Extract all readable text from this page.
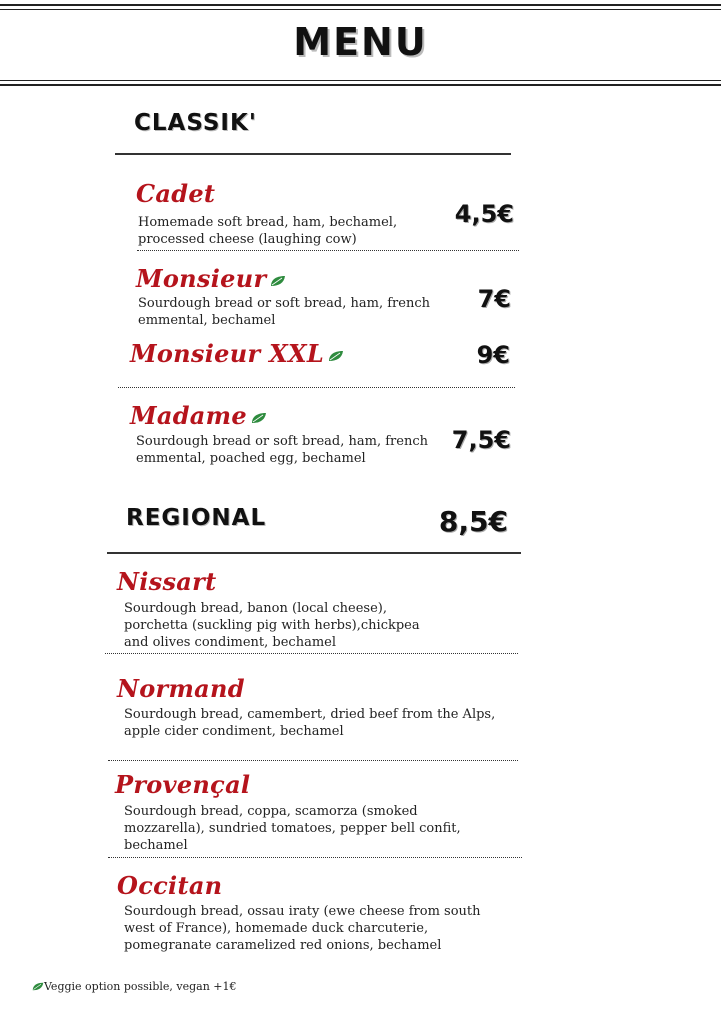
MENU
CLASSIK'
Cadet
Homemade soft bread, ham, bechamel, processed cheese (laughing cow)
4,5€
Monsieur
Sourdough bread or soft bread, ham, french emmental, bechamel
7€
Monsieur XXL	9€
Madame
Sourdough bread or soft bread, ham, french emmental, poached egg, bechamel
7,5€
REGIONAL	8,5€
Nissart
Sourdough bread, banon (local cheese), porchetta (suckling pig with herbs),chickpea and olives condiment, bechamel
Normand
Sourdough bread, camembert, dried beef from the Alps, apple cider condiment, bechamel
Provençal
Sourdough bread, coppa, scamorza (smoked mozzarella), sundried tomatoes, pepper bell confit, bechamel
Occitan
Sourdough bread, ossau iraty (ewe cheese from south west of France), homemade duck charcuterie, pomegranate caramelized red onions, bechamel
Veggie option possible, vegan +1€
